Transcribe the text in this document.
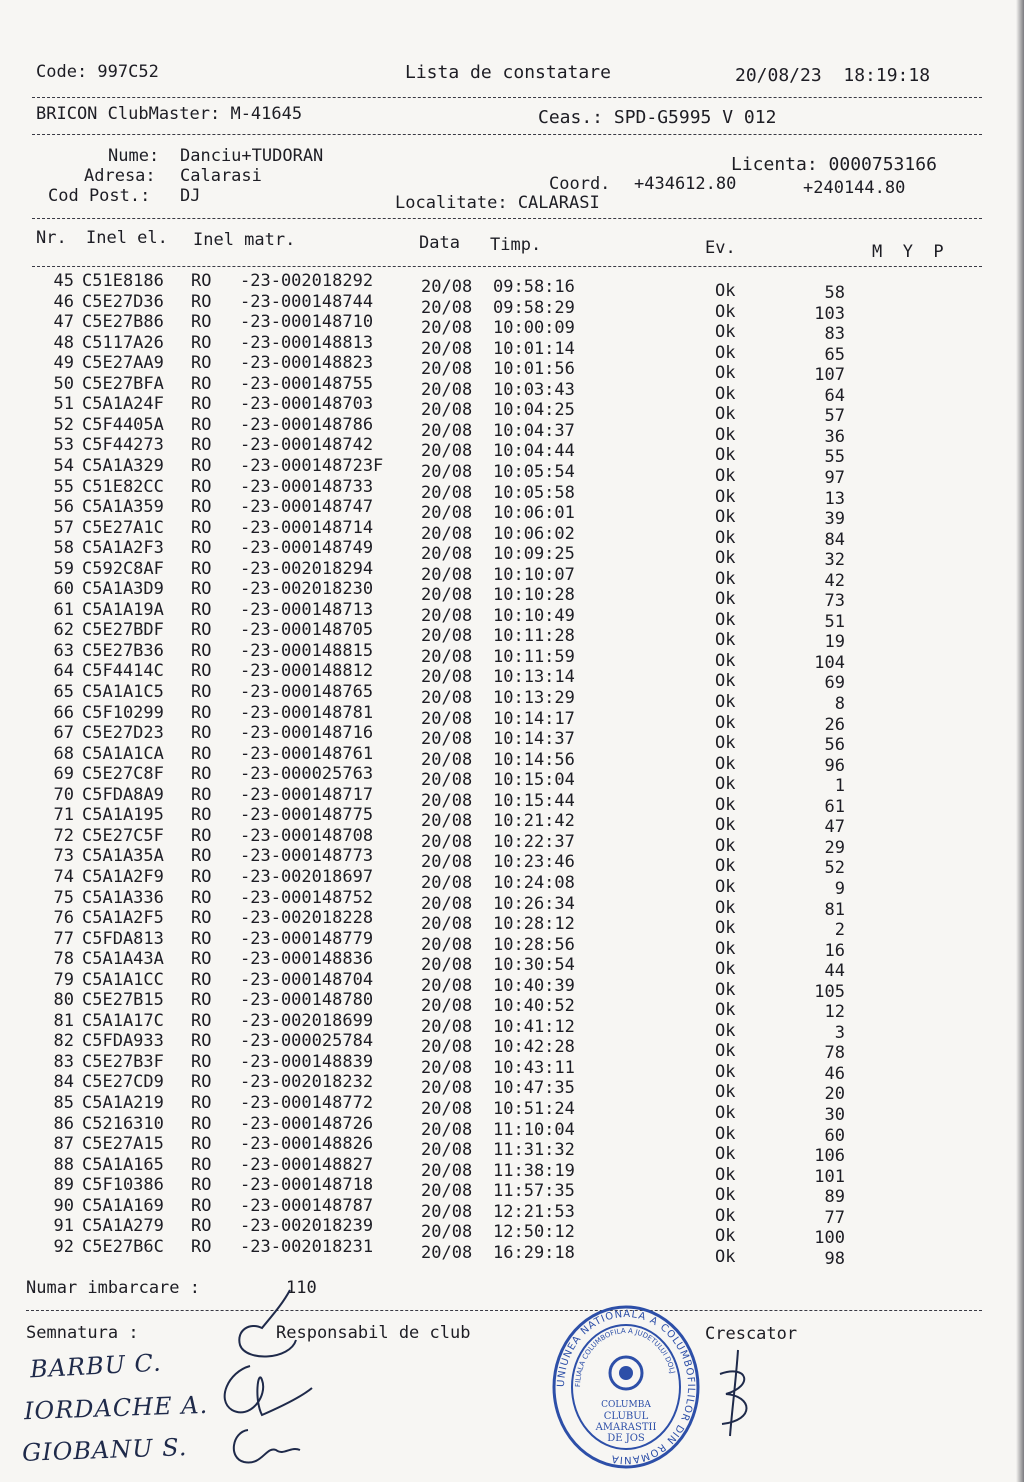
Code: 997C52	Lista de constatare	20/08/23  18:19:18
BRICON ClubMaster: M-41645	Ceas.: SPD-G5995 V 012
Nume: Danciu+TUDORAN	Licenta: 0000753166
Adresa: Calarasi	Coord. +434612.80	+240144.80
Cod Post.: DJ	Localitate: CALARASI
Nr. Inel el. Inel matr.	Data Timp.	Ev.	M  Y  P
45 C51E8186 RO -23-002018292	20/08 09:58:16	Ok	58
46 C5E27D36 RO -23-000148744	20/08 09:58:29	Ok	103
47 C5E27B86 RO -23-000148710	20/08 10:00:09	Ok	83
48 C5117A26 RO -23-000148813	20/08 10:01:14	Ok	65
49 C5E27AA9 RO -23-000148823	20/08 10:01:56	Ok	107
50 C5E27BFA RO -23-000148755	20/08 10:03:43	Ok	64
51 C5A1A24F RO -23-000148703	20/08 10:04:25	Ok	57
52 C5F4405A RO -23-000148786	20/08 10:04:37	Ok	36
53 C5F44273 RO -23-000148742	20/08 10:04:44	Ok	55
54 C5A1A329 RO -23-000148723F 20/08 10:05:54	Ok	97
55 C51E82CC RO -23-000148733	20/08 10:05:58	Ok	13
56 C5A1A359 RO -23-000148747	20/08 10:06:01	Ok	39
57 C5E27A1C RO -23-000148714	20/08 10:06:02	Ok	84
58 C5A1A2F3 RO -23-000148749	20/08 10:09:25	Ok	32
59 C592C8AF RO -23-002018294	20/08 10:10:07	Ok	42
60 C5A1A3D9 RO -23-002018230	20/08 10:10:28	Ok	73
61 C5A1A19A RO -23-000148713	20/08 10:10:49	Ok	51
62 C5E27BDF RO -23-000148705	20/08 10:11:28	Ok	19
63 C5E27B36 RO -23-000148815	20/08 10:11:59	Ok	104
64 C5F4414C RO -23-000148812	20/08 10:13:14	Ok	69
65 C5A1A1C5 RO -23-000148765	20/08 10:13:29	Ok	8
66 C5F10299 RO -23-000148781	20/08 10:14:17	Ok	26
67 C5E27D23 RO -23-000148716	20/08 10:14:37	Ok	56
68 C5A1A1CA RO -23-000148761	20/08 10:14:56	Ok	96
69 C5E27C8F RO -23-000025763	20/08 10:15:04	Ok	1
70 C5FDA8A9 RO -23-000148717	20/08 10:15:44	Ok	61
71 C5A1A195 RO -23-000148775	20/08 10:21:42	Ok	47
72 C5E27C5F RO -23-000148708	20/08 10:22:37	Ok	29
73 C5A1A35A RO -23-000148773	20/08 10:23:46	Ok	52
74 C5A1A2F9 RO -23-002018697	20/08 10:24:08	Ok	9
75 C5A1A336 RO -23-000148752	20/08 10:26:34	Ok	81
76 C5A1A2F5 RO -23-002018228	20/08 10:28:12	Ok	2
77 C5FDA813 RO -23-000148779	20/08 10:28:56	Ok	16
78 C5A1A43A RO -23-000148836	20/08 10:30:54	Ok	44
79 C5A1A1CC RO -23-000148704	20/08 10:40:39	Ok	105
80 C5E27B15 RO -23-000148780	20/08 10:40:52	Ok	12
81 C5A1A17C RO -23-002018699	20/08 10:41:12	Ok	3
82 C5FDA933 RO -23-000025784	20/08 10:42:28	Ok	78
83 C5E27B3F RO -23-000148839	20/08 10:43:11	Ok	46
84 C5E27CD9 RO -23-002018232	20/08 10:47:35	Ok	20
85 C5A1A219 RO -23-000148772	20/08 10:51:24	Ok	30
86 C5216310 RO -23-000148726	20/08 11:10:04	Ok	60
87 C5E27A15 RO -23-000148826	20/08 11:31:32	Ok	106
88 C5A1A165 RO -23-000148827	20/08 11:38:19	Ok	101
89 C5F10386 RO -23-000148718	20/08 11:57:35	Ok	89
90 C5A1A169 RO -23-000148787	20/08 12:21:53	Ok	77
91 C5A1A279 RO -23-002018239	20/08 12:50:12	Ok	100
92 C5E27B6C RO -23-002018231	20/08 16:29:18	Ok	98
Numar imbarcare :	110
Semnatura :	Responsabil de club	Crescator
BARBU C.
IORDACHE A.
GIOBANU S.
UNIUNEA NATIONALA A COLUMBOFILILOR DIN ROMANIA
FILIALA COLUMBOFILA A JUDETULUI DOLJ
COLUMBA
CLUBUL
AMARASTII
DE JOS
